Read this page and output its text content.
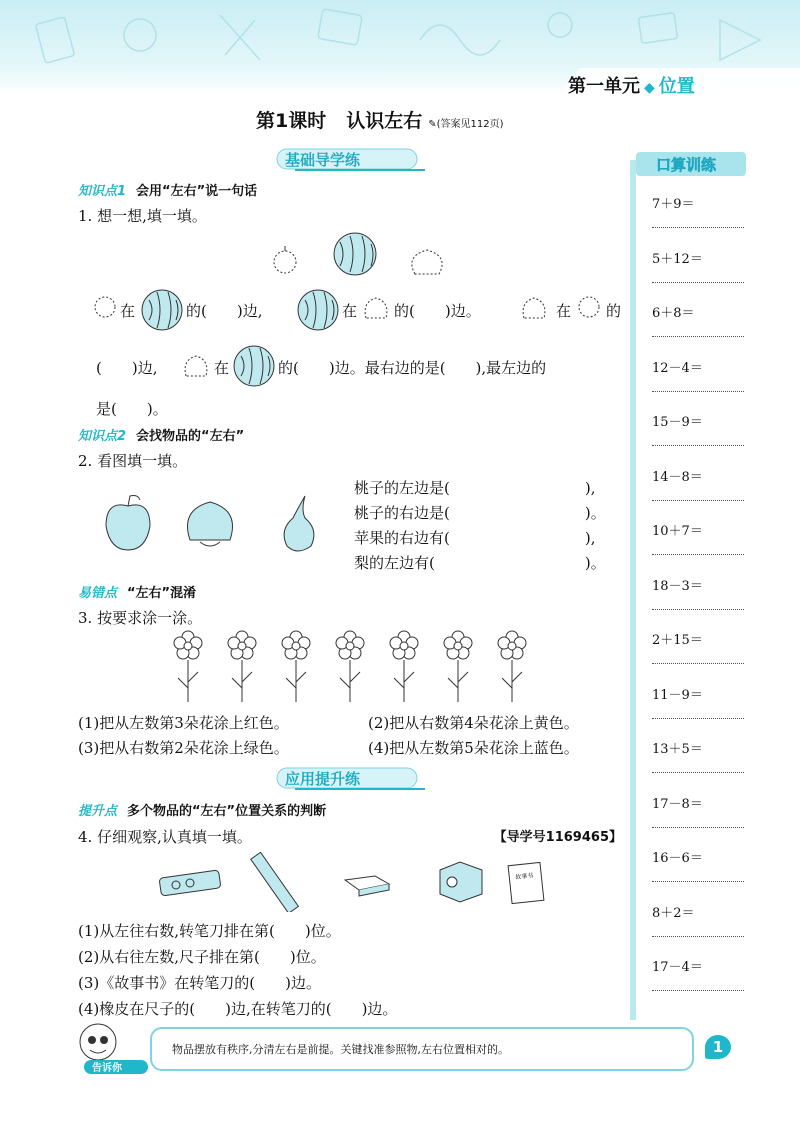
第一单元 ◆ 位置
第1课时 认识左右 ✎(答案见112页)
基础导学练
知识点1 会用“左右”说一句话
1. 想一想,填一填。
在	的(　　)边,	在 的(　　)边。	在 的
(　　)边,	在	的(　　)边。最右边的是(　　),最左边的
是(　　)。
知识点2 会找物品的“左右”
2. 看图填一填。
桃子的左边是(　　　　　　　　　),
桃子的右边是(　　　　　　　　　)。
苹果的右边有(　　　　　　　　　),
梨的左边有(　　　　　　　　　　)。
易错点 “左右”混淆
3. 按要求涂一涂。
(1)把从左数第3朵花涂上红色。	(2)把从右数第4朵花涂上黄色。
(3)把从右数第2朵花涂上绿色。	(4)把从左数第5朵花涂上蓝色。
应用提升练
提升点 多个物品的“左右”位置关系的判断
4. 仔细观察,认真填一填。	【导学号1169465】
故事书
(1)从左往右数,转笔刀排在第(　　)位。
(2)从右往左数,尺子排在第(　　)位。
(3)《故事书》在转笔刀的(　　)边。
(4)橡皮在尺子的(　　)边,在转笔刀的(　　)边。
口算训练
7＋9＝
5＋12＝
6＋8＝
12－4＝
15－9＝
14－8＝
10＋7＝
18－3＝
2＋15＝
11－9＝
13＋5＝
17－8＝
16－6＝
8＋2＝
17－4＝
告诉你
物品摆放有秩序,分清左右是前提。关键找准参照物,左右位置相对的。	1
